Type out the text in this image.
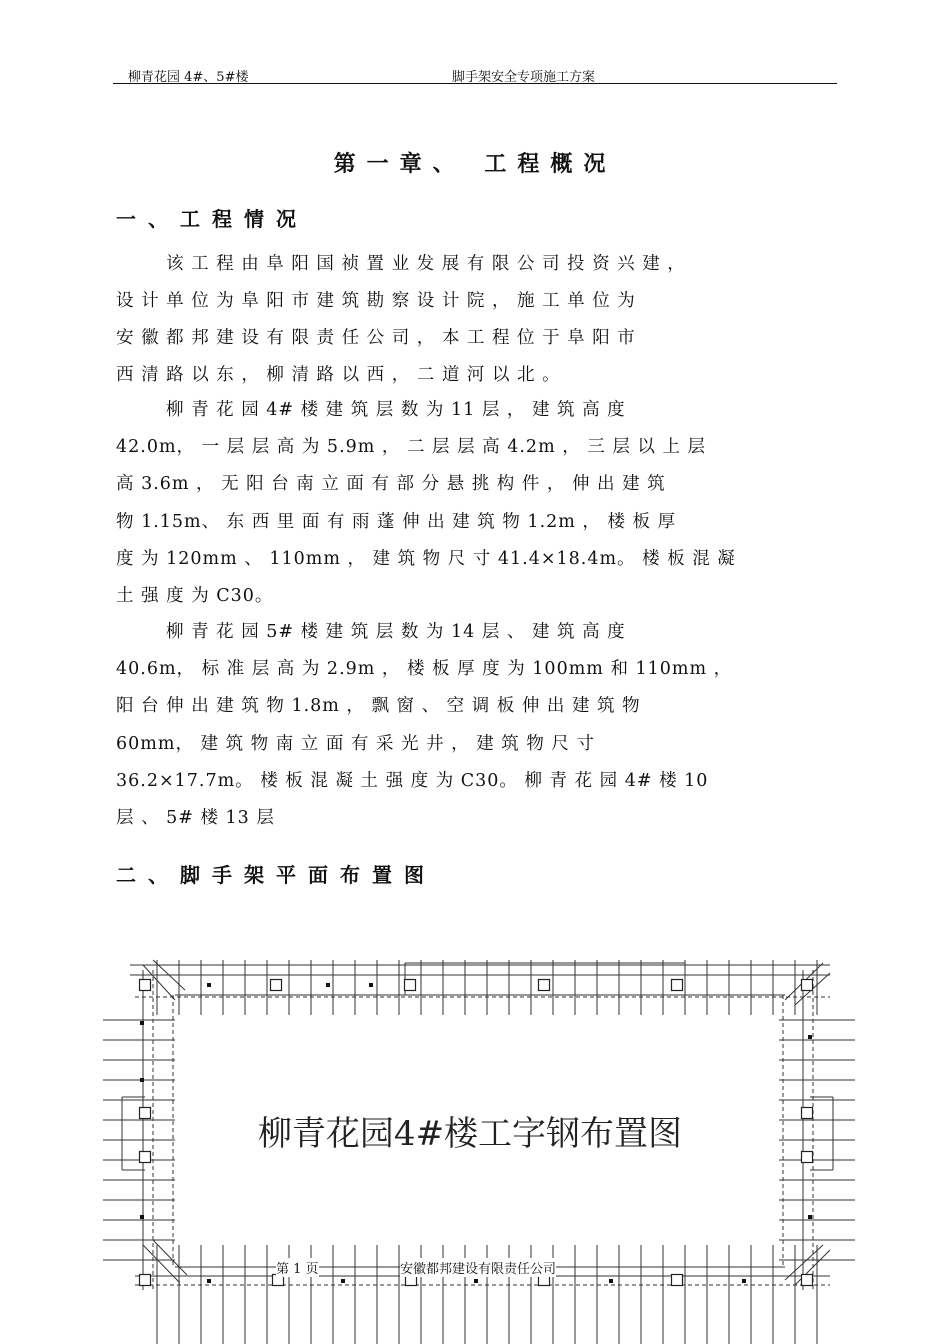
柳青花园 4#、5#楼	脚手架安全专项施工方案
第一章、 工程概况
一、工程情况
该 工 程 由 阜 阳 国 祯 置 业 发 展 有 限 公 司 投 资 兴 建 ，
设 计 单 位 为 阜 阳 市 建 筑 勘 察 设 计 院 ， 施 工 单 位 为
安 徽 都 邦 建 设 有 限 责 任 公 司 ， 本 工 程 位 于 阜 阳 市
西 清 路 以 东 ， 柳 清 路 以 西 ， 二 道 河 以 北 。
柳 青 花 园 4# 楼 建 筑 层 数 为 11 层 ， 建 筑 高 度
42.0m， 一 层 层 高 为 5.9m ， 二 层 层 高 4.2m ， 三 层 以 上 层
高 3.6m ， 无 阳 台 南 立 面 有 部 分 悬 挑 构 件 ， 伸 出 建 筑
物 1.15m、 东 西 里 面 有 雨 蓬 伸 出 建 筑 物 1.2m ， 楼 板 厚
度 为 120mm 、 110mm ， 建 筑 物 尺 寸 41.4×18.4m。 楼 板 混 凝
土 强 度 为 C30。
柳 青 花 园 5# 楼 建 筑 层 数 为 14 层 、 建 筑 高 度
40.6m， 标 准 层 高 为 2.9m ， 楼 板 厚 度 为 100mm 和 110mm ，
阳 台 伸 出 建 筑 物 1.8m ， 飘 窗 、 空 调 板 伸 出 建 筑 物
60mm， 建 筑 物 南 立 面 有 采 光 井 ， 建 筑 物 尺 寸
36.2×17.7m。 楼 板 混 凝 土 强 度 为 C30。 柳 青 花 园 4# 楼 10
层 、 5# 楼 13 层
二、脚手架平面布置图
柳青花园4#楼工字钢布置图
第 1 页	安徽都邦建设有限责任公司
